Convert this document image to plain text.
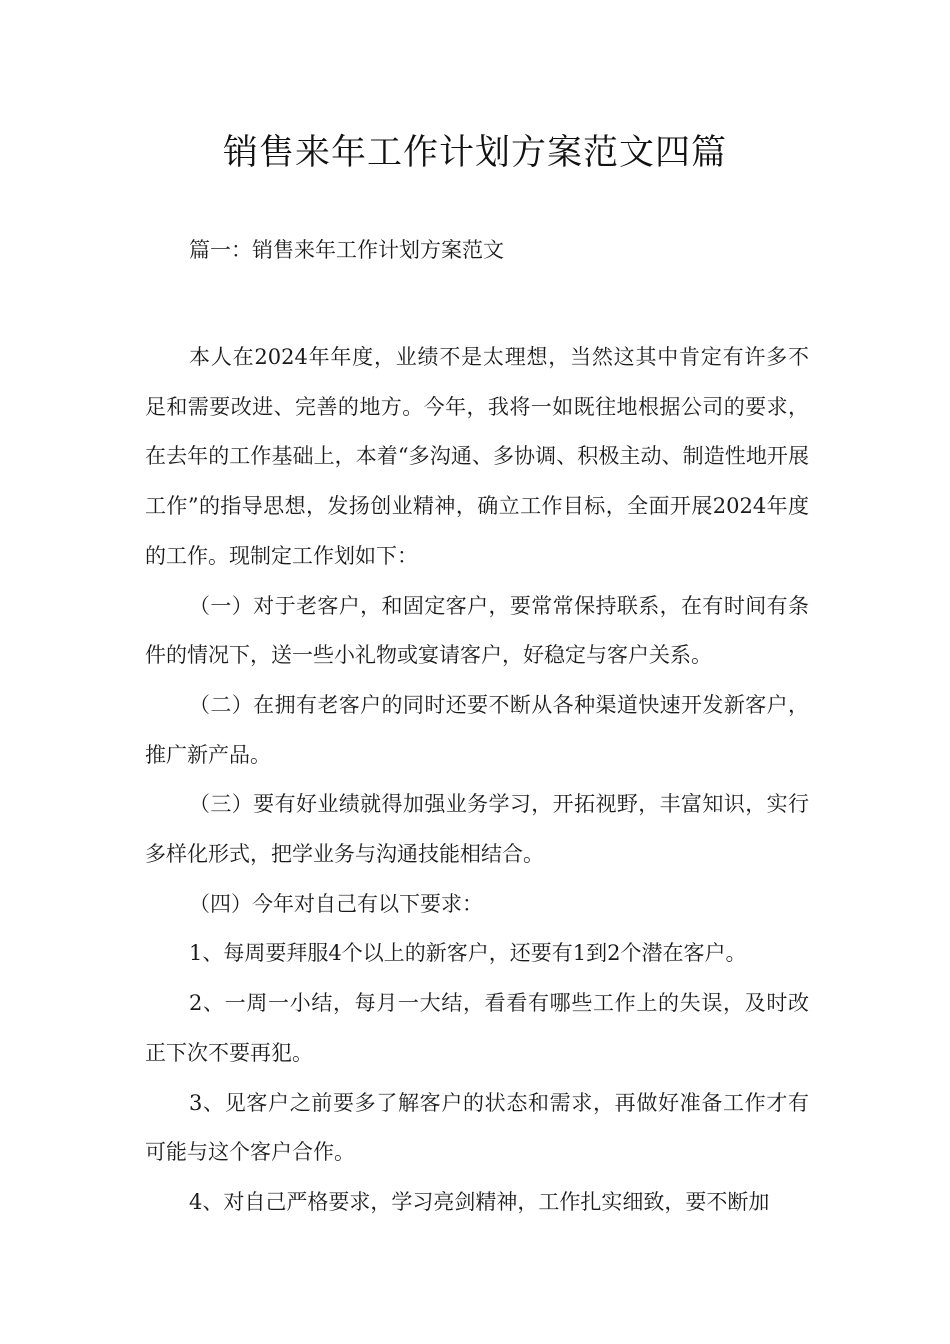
销售来年工作计划方案范文四篇
篇一：销售来年工作计划方案范文

本人在2024年年度，业绩不是太理想，当然这其中肯定有许多不足和需要改进、完善的地方。今年，我将一如既往地根据公司的要求，在去年的工作基础上，本着“多沟通、多协调、积极主动、制造性地开展工作”的指导思想，发扬创业精神，确立工作目标，全面开展2024年度的工作。现制定工作划如下：

（一）对于老客户，和固定客户，要常常保持联系，在有时间有条件的情况下，送一些小礼物或宴请客户，好稳定与客户关系。

（二）在拥有老客户的同时还要不断从各种渠道快速开发新客户，推广新产品。

（三）要有好业绩就得加强业务学习，开拓视野，丰富知识，实行多样化形式，把学业务与沟通技能相结合。

（四）今年对自己有以下要求：

1、每周要拜服4个以上的新客户，还要有1到2个潜在客户。

2、一周一小结，每月一大结，看看有哪些工作上的失误，及时改正下次不要再犯。

3、见客户之前要多了解客户的状态和需求，再做好准备工作才有可能与这个客户合作。

4、对自己严格要求，学习亮剑精神，工作扎实细致，要不断加
